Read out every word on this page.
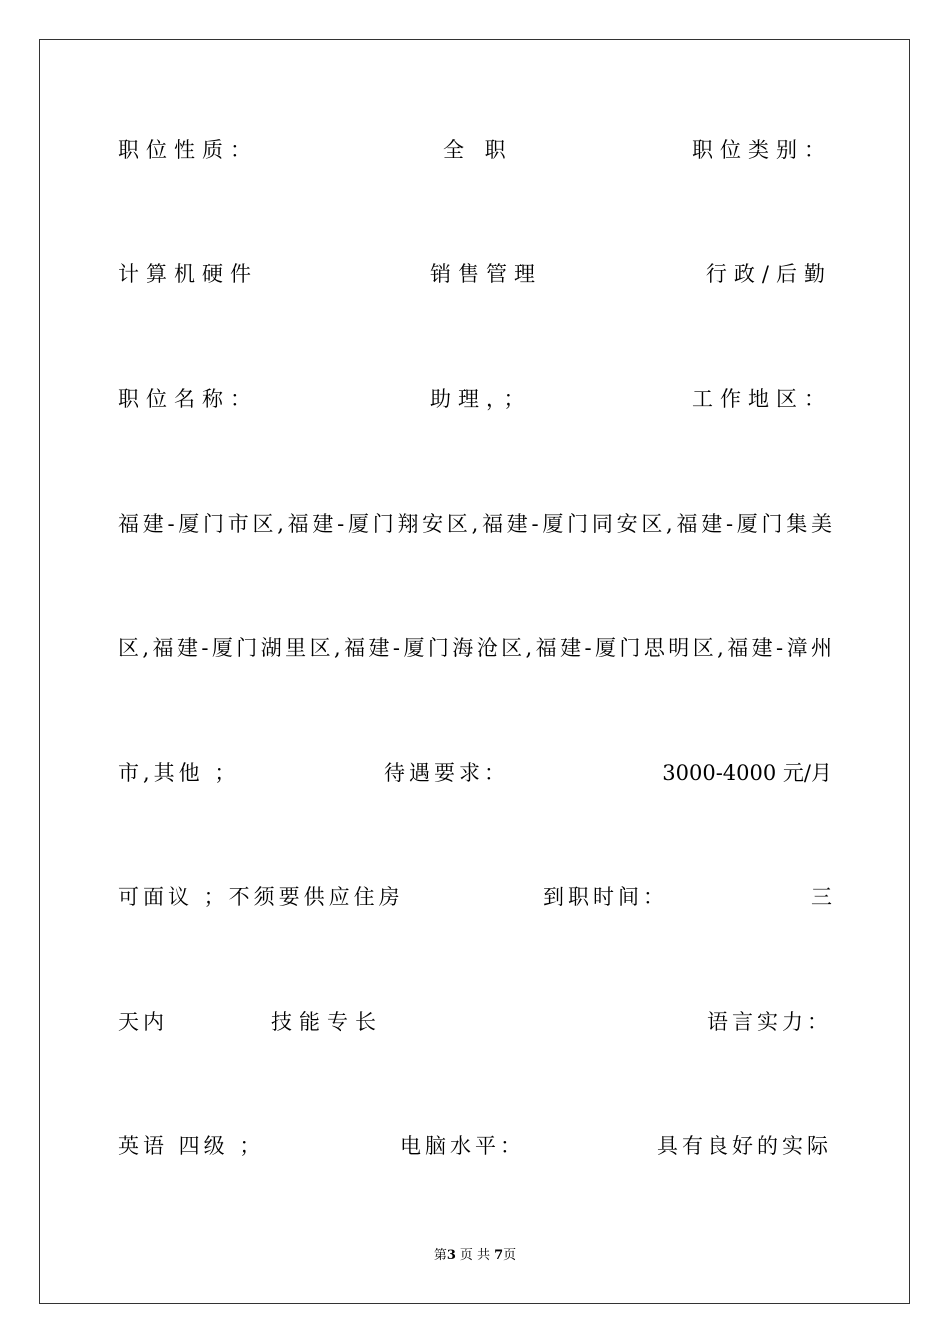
职位性质：	全 职	职位类别：
计算机硬件	销售管理	行政/后勤
职位名称：	助理，；	工作地区：
福建-厦门市区,福建-厦门翔安区,福建-厦门同安区,福建-厦门集美
区,福建-厦门湖里区,福建-厦门海沧区,福建-厦门思明区,福建-漳州
市,其他 ；	待遇要求：	3000-4000 元/月
可面议 ；不须要供应住房	到职时间：	三
天内	技能专长	语言实力：
英语 四级 ；	电脑水平：	具有良好的实际
第3 页 共 7页
